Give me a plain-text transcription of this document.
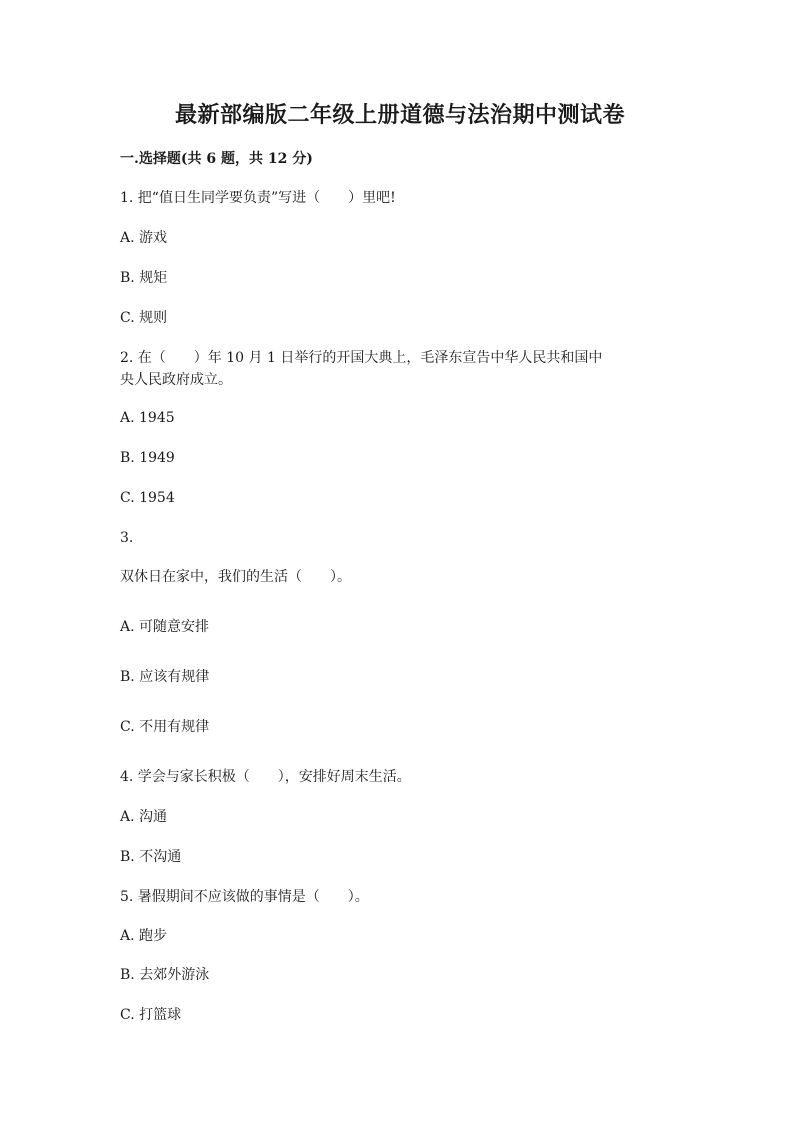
最新部编版二年级上册道德与法治期中测试卷
一.选择题(共 6 题，共 12 分)
1. 把“值日生同学要负责”写进（　　）里吧!
A. 游戏
B. 规矩
C. 规则
2. 在（　　）年 10 月 1 日举行的开国大典上，毛泽东宣告中华人民共和国中
央人民政府成立。
A. 1945
B. 1949
C. 1954
3.
双休日在家中，我们的生活（　　）。
A. 可随意安排
B. 应该有规律
C. 不用有规律
4. 学会与家长积极（　　），安排好周末生活。
A. 沟通
B. 不沟通
5. 暑假期间不应该做的事情是（　　）。
A. 跑步
B. 去郊外游泳
C. 打篮球
